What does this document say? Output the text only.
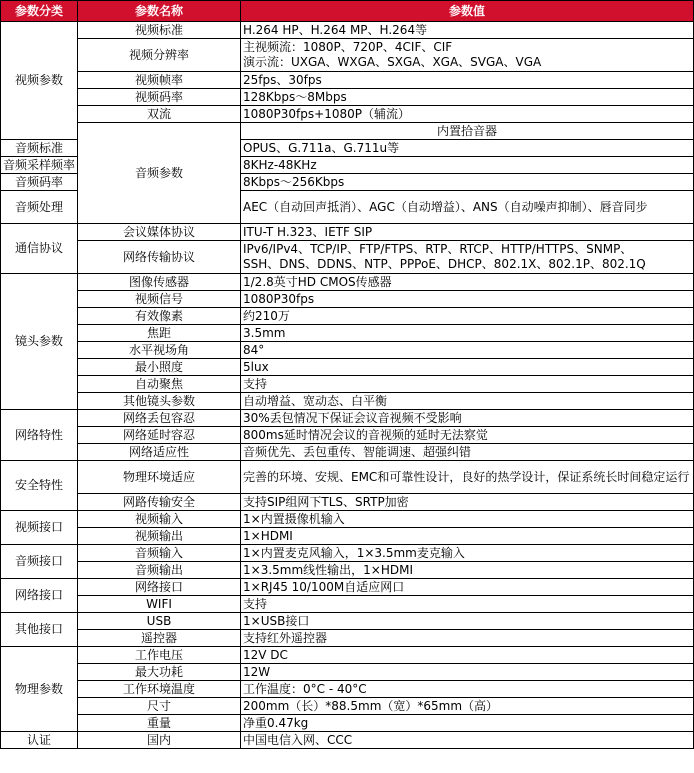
参数分类	参数名称	参数值	
视频参数	视频标准	H.264 HP、H.264 MP、H.264等	
	视频分辨率	主视频流：1080P、720P、4CIF、CIF
演示流：UXGA、WXGA、SXGA、XGA、SVGA、VGA	

	视频帧率	25fps、30fps	
	视频码率	128Kbps～8Mbps	
	双流	1080P30fps+1080P（辅流）	
	音频参数	内置拾音器	
音频标准		OPUS、G.711a、G.711u等	
音频采样频率		8KHz-48KHz	
音频码率		8Kbps～256Kbps	
音频处理		AEC（自动回声抵消）、AGC（自动增益）、ANS（自动噪声抑制）、唇音同步	
通信协议	会议媒体协议	ITU-T H.323、IETF SIP	
	网络传输协议	IPv6/IPv4、TCP/IP、FTP/FTPS、RTP、RTCP、HTTP/HTTPS、SNMP、
SSH、DNS、DDNS、NTP、PPPoE、DHCP、802.1X、802.1P、802.1Q	

镜头参数	图像传感器	1/2.8英寸HD CMOS传感器	
	视频信号	1080P30fps	
	有效像素	约210万	
	焦距	3.5mm	
	水平视场角	84°	
	最小照度	5lux	
	自动聚焦	支持	
	其他镜头参数	自动增益、宽动态、白平衡	
网络特性	网络丢包容忍	30%丢包情况下保证会议音视频不受影响	
	网络延时容忍	800ms延时情况会议的音视频的延时无法察觉	
	网络适应性	音频优先、丢包重传、智能调速、超强纠错	
安全特性	物理环境适应	完善的环境、安规、EMC和可靠性设计，良好的热学设计，保证系统长时间稳定运行	
	网路传输安全	支持SIP组网下TLS、SRTP加密	
视频接口	视频输入	1×内置摄像机输入	
	视频输出	1×HDMI	
音频接口	音频输入	1×内置麦克风输入，1×3.5mm麦克输入	
	音频输出	1×3.5mm线性输出，1×HDMI	
网络接口	网络接口	1×RJ45 10/100M自适应网口	
	WIFI	支持	
其他接口	USB	1×USB接口	
	遥控器	支持红外遥控器	
物理参数	工作电压	12V DC	
	最大功耗	12W	
	工作环境温度	工作温度：0°C - 40°C	
	尺寸	200mm（长）*88.5mm（宽）*65mm（高）	
	重量	净重0.47kg	
认证	国内	中国电信入网、CCC	
